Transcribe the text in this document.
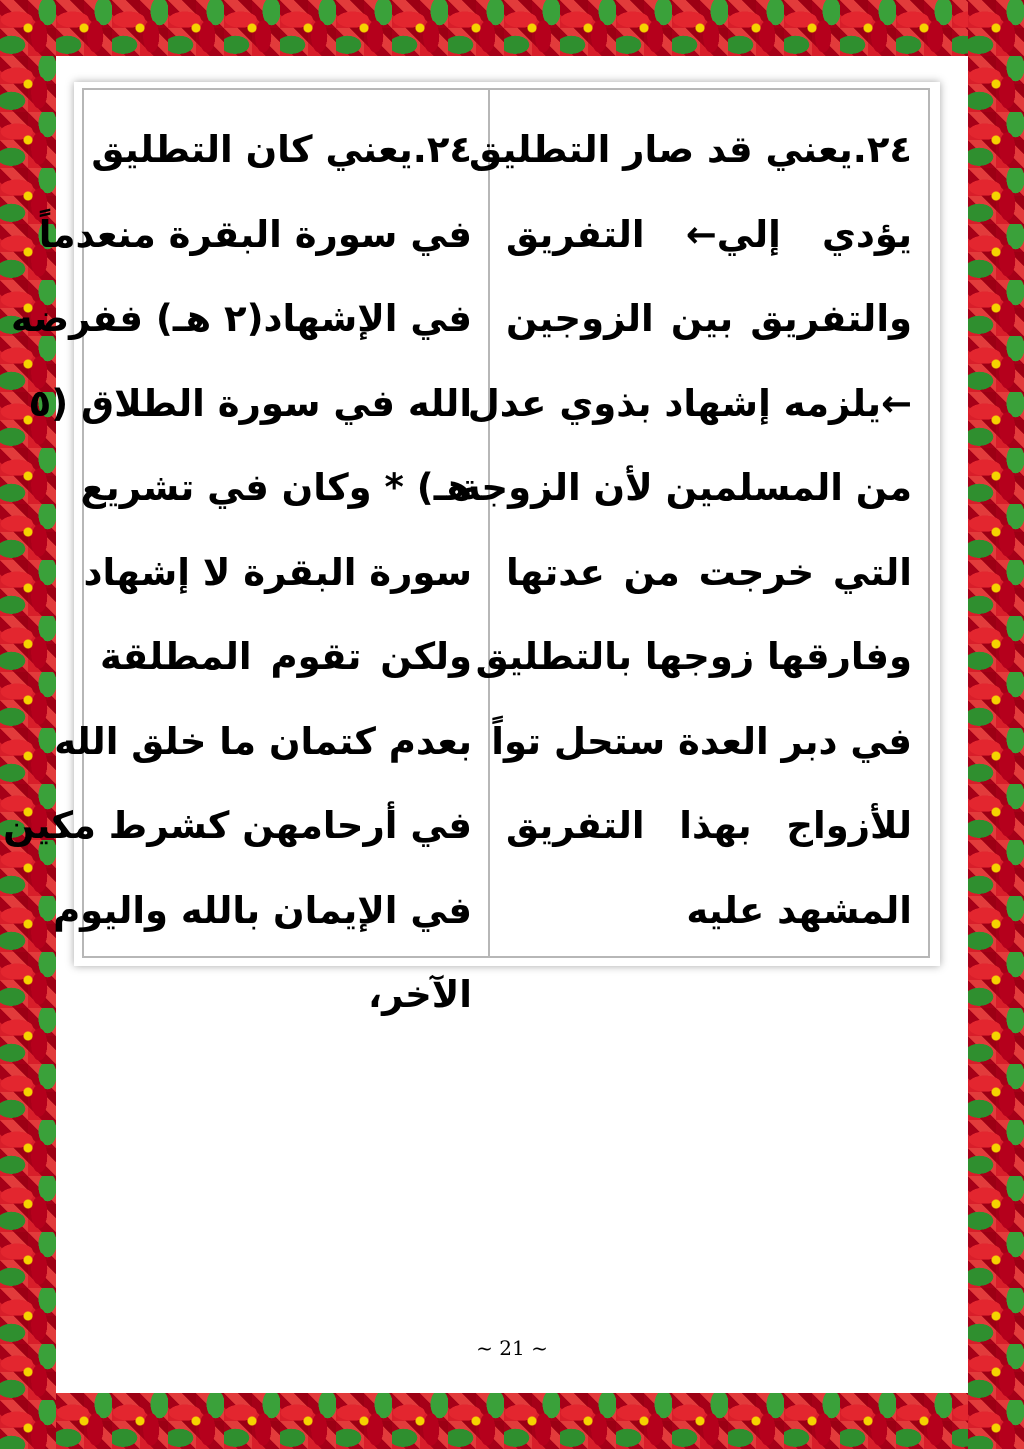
٢٤.يعني قد صار التطليق
يؤدي إلي← التفريق
والتفريق بين الزوجين
←يلزمه إشهاد بذوي عدل
من المسلمين لأن الزوجة
التي خرجت من عدتها
وفارقها زوجها بالتطليق
في دبر العدة ستحل تواً
للأزواج بهذا التفريق
المشهد عليه
٢٤.يعني كان التطليق
في سورة البقرة منعدماً
في الإشهاد(٢ هـ) ففرضه
الله في سورة الطلاق (٥
هـ) * وكان في تشريع
سورة البقرة لا إشهاد
ولكن تقوم المطلقة
بعدم كتمان ما خلق الله
في أرحامهن كشرط مكين
في الإيمان بالله واليوم
الآخر،
~ 21 ~
